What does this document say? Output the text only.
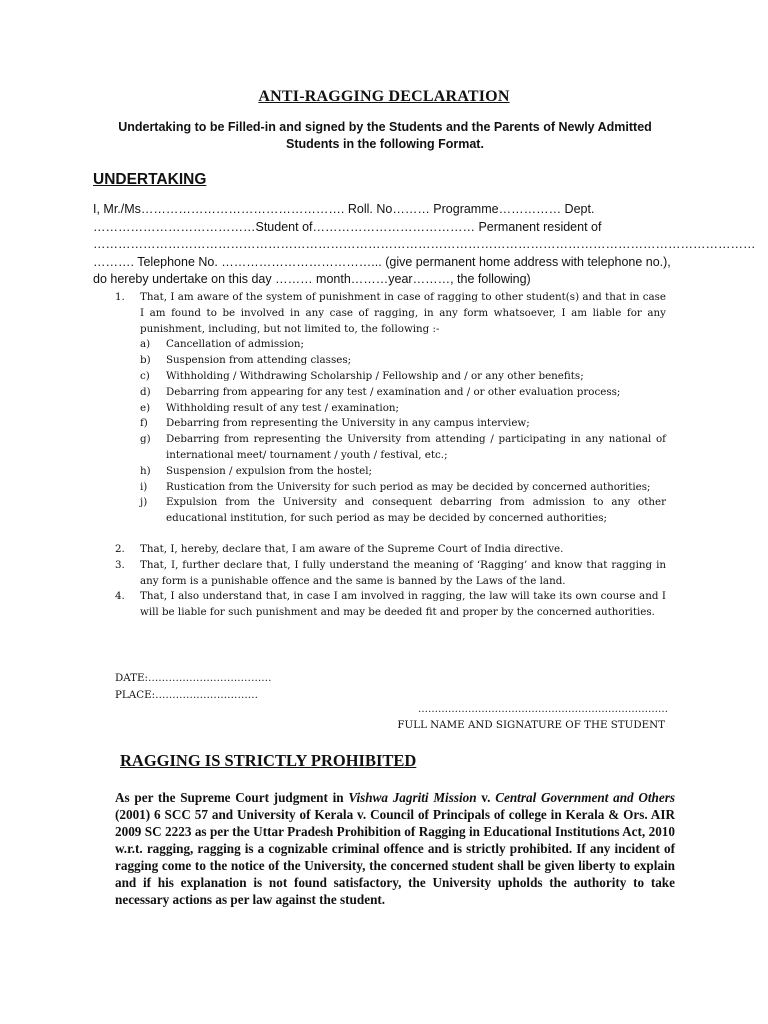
ANTI-RAGGING DECLARATION
Undertaking to be Filled-in and signed by the Students and the Parents of Newly Admitted Students in the following Format.
UNDERTAKING
I, Mr./Ms…………………………………………. Roll. No……… Programme…………… Dept.
…………………………………Student of………………………………… Permanent resident of
……………………………………………………………………………………………………………………………………………
………. Telephone No. ………………………………... (give permanent home address with telephone no.),
do hereby undertake on this day ……… month………year………, the following)
1. That, I am aware of the system of punishment in case of ragging to other student(s) and that in case I am found to be involved in any case of ragging, in any form whatsoever, I am liable for any punishment, including, but not limited to, the following :-
a) Cancellation of admission;
b) Suspension from attending classes;
c) Withholding / Withdrawing Scholarship / Fellowship and / or any other benefits;
d) Debarring from appearing for any test / examination and / or other evaluation process;
e) Withholding result of any test / examination;
f) Debarring from representing the University in any campus interview;
g) Debarring from representing the University from attending / participating in any national of international meet/ tournament / youth / festival, etc.;
h) Suspension / expulsion from the hostel;
i) Rustication from the University for such period as may be decided by concerned authorities;
j) Expulsion from the University and consequent debarring from admission to any other educational institution, for such period as may be decided by concerned authorities;
2. That, I, hereby, declare that, I am aware of the Supreme Court of India directive.
3. That, I, further declare that, I fully understand the meaning of ‘Ragging’ and know that ragging in any form is a punishable offence and the same is banned by the Laws of the land.
4. That, I also understand that, in case I am involved in ragging, the law will take its own course and I will be liable for such punishment and may be deeded fit and proper by the concerned authorities.
DATE:………………………………
PLACE:…………………………
…………………………………………………………………
FULL NAME AND SIGNATURE OF THE STUDENT
RAGGING IS STRICTLY PROHIBITED
As per the Supreme Court judgment in Vishwa Jagriti Mission v. Central Government and Others (2001) 6 SCC 57 and University of Kerala v. Council of Principals of college in Kerala & Ors. AIR 2009 SC 2223 as per the Uttar Pradesh Prohibition of Ragging in Educational Institutions Act, 2010 w.r.t. ragging, ragging is a cognizable criminal offence and is strictly prohibited. If any incident of ragging come to the notice of the University, the concerned student shall be given liberty to explain and if his explanation is not found satisfactory, the University upholds the authority to take necessary actions as per law against the student.
